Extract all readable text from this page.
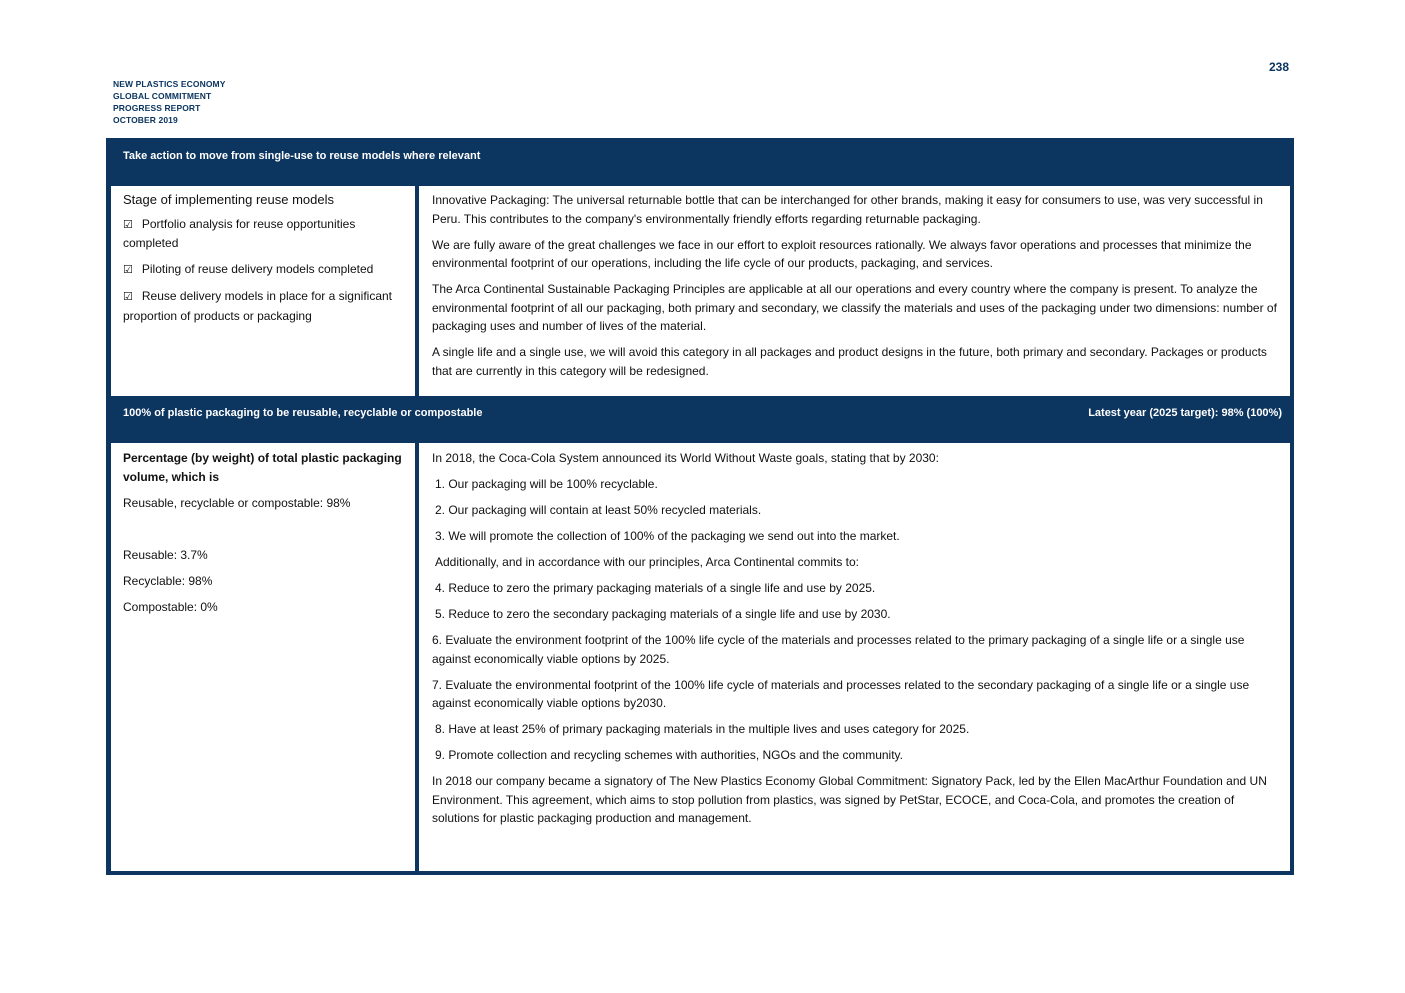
238
NEW PLASTICS ECONOMY
GLOBAL COMMITMENT
PROGRESS REPORT
OCTOBER 2019
Take action to move from single-use to reuse models where relevant

Stage of implementing reuse models

☑ Portfolio analysis for reuse opportunities completed

☑ Piloting of reuse delivery models completed

☑ Reuse delivery models in place for a significant proportion of products or packaging

Innovative Packaging: The universal returnable bottle that can be interchanged for other brands, making it easy for consumers to use, was very successful in Peru. This contributes to the company's environmentally friendly efforts regarding returnable packaging.

We are fully aware of the great challenges we face in our effort to exploit resources rationally. We always favor operations and processes that minimize the environmental footprint of our operations, including the life cycle of our products, packaging, and services.

The Arca Continental Sustainable Packaging Principles are applicable at all our operations and every country where the company is present. To analyze the environmental footprint of all our packaging, both primary and secondary, we classify the materials and uses of the packaging under two dimensions: number of packaging uses and number of lives of the material.

A single life and a single use, we will avoid this category in all packages and product designs in the future, both primary and secondary. Packages or products that are currently in this category will be redesigned.

100% of plastic packaging to be reusable, recyclable or compostable	Latest year (2025 target): 98% (100%)

Percentage (by weight) of total plastic packaging volume, which is

Reusable, recyclable or compostable: 98%

Reusable: 3.7%

Recyclable: 98%

Compostable: 0%

In 2018, the Coca-Cola System announced its World Without Waste goals, stating that by 2030:

1. Our packaging will be 100% recyclable.

2. Our packaging will contain at least 50% recycled materials.

3. We will promote the collection of 100% of the packaging we send out into the market.

Additionally, and in accordance with our principles, Arca Continental commits to:

4. Reduce to zero the primary packaging materials of a single life and use by 2025.

5. Reduce to zero the secondary packaging materials of a single life and use by 2030.

6. Evaluate the environment footprint of the 100% life cycle of the materials and processes related to the primary packaging of a single life or a single use against economically viable options by 2025.

7. Evaluate the environmental footprint of the 100% life cycle of materials and processes related to the secondary packaging of a single life or a single use against economically viable options by2030.

8. Have at least 25% of primary packaging materials in the multiple lives and uses category for 2025.

9. Promote collection and recycling schemes with authorities, NGOs and the community.

In 2018 our company became a signatory of The New Plastics Economy Global Commitment: Signatory Pack, led by the Ellen MacArthur Foundation and UN Environment. This agreement, which aims to stop pollution from plastics, was signed by PetStar, ECOCE, and Coca-Cola, and promotes the creation of solutions for plastic packaging production and management.
